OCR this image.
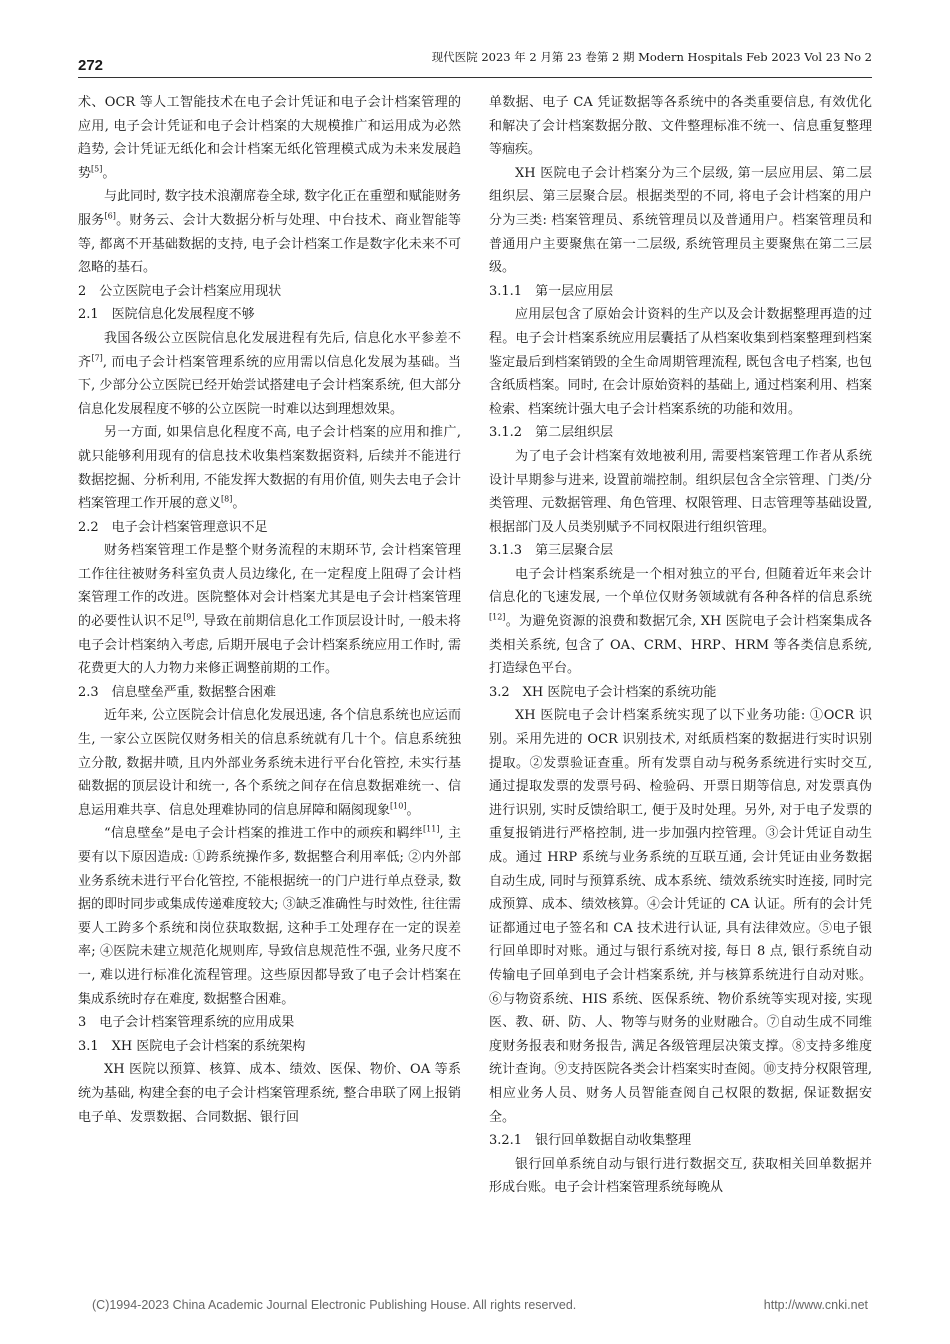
272	现代医院 2023 年 2 月第 23 卷第 2 期 Modern Hospitals Feb 2023 Vol 23 No 2

术、OCR 等人工智能技术在电子会计凭证和电子会计档案管理的应用, 电子会计凭证和电子会计档案的大规模推广和运用成为必然趋势, 会计凭证无纸化和会计档案无纸化管理模式成为未来发展趋势[5]。

与此同时, 数字技术浪潮席卷全球, 数字化正在重塑和赋能财务服务[6]。财务云、会计大数据分析与处理、中台技术、商业智能等等, 都离不开基础数据的支持, 电子会计档案工作是数字化未来不可忽略的基石。

2　公立医院电子会计档案应用现状
2.1　医院信息化发展程度不够

我国各级公立医院信息化发展进程有先后, 信息化水平参差不齐[7], 而电子会计档案管理系统的应用需以信息化发展为基础。当下, 少部分公立医院已经开始尝试搭建电子会计档案系统, 但大部分信息化发展程度不够的公立医院一时难以达到理想效果。

另一方面, 如果信息化程度不高, 电子会计档案的应用和推广, 就只能够利用现有的信息技术收集档案数据资料, 后续并不能进行数据挖掘、分析利用, 不能发挥大数据的有用价值, 则失去电子会计档案管理工作开展的意义[8]。

2.2　电子会计档案管理意识不足

财务档案管理工作是整个财务流程的末期环节, 会计档案管理工作往往被财务科室负责人员边缘化, 在一定程度上阻碍了会计档案管理工作的改进。医院整体对会计档案尤其是电子会计档案管理的必要性认识不足[9], 导致在前期信息化工作顶层设计时, 一般未将电子会计档案纳入考虑, 后期开展电子会计档案系统应用工作时, 需花费更大的人力物力来修正调整前期的工作。

2.3　信息壁垒严重, 数据整合困难

近年来, 公立医院会计信息化发展迅速, 各个信息系统也应运而生, 一家公立医院仅财务相关的信息系统就有几十个。信息系统独立分散, 数据井喷, 且内外部业务系统未进行平台化管控, 未实行基础数据的顶层设计和统一, 各个系统之间存在信息数据难统一、信息运用难共享、信息处理难协同的信息屏障和隔阂现象[10]。

“信息壁垒”是电子会计档案的推进工作中的顽疾和羁绊[11], 主要有以下原因造成: ①跨系统操作多, 数据整合利用率低; ②内外部业务系统未进行平台化管控, 不能根据统一的门户进行单点登录, 数据的即时同步或集成传递难度较大; ③缺乏准确性与时效性, 往往需要人工跨多个系统和岗位获取数据, 这种手工处理存在一定的误差率; ④医院未建立规范化规则库, 导致信息规范性不强, 业务尺度不一, 难以进行标准化流程管理。这些原因都导致了电子会计档案在集成系统时存在难度, 数据整合困难。

3　电子会计档案管理系统的应用成果
3.1　XH 医院电子会计档案的系统架构

XH 医院以预算、核算、成本、绩效、医保、物价、OA 等系统为基础, 构建全套的电子会计档案管理系统, 整合串联了网上报销电子单、发票数据、合同数据、银行回

单数据、电子 CA 凭证数据等各系统中的各类重要信息, 有效优化和解决了会计档案数据分散、文件整理标准不统一、信息重复整理等痼疾。

XH 医院电子会计档案分为三个层级, 第一层应用层、第二层组织层、第三层聚合层。根据类型的不同, 将电子会计档案的用户分为三类: 档案管理员、系统管理员以及普通用户。档案管理员和普通用户主要聚焦在第一二层级, 系统管理员主要聚焦在第二三层级。

3.1.1　第一层应用层

应用层包含了原始会计资料的生产以及会计数据整理再造的过程。电子会计档案系统应用层囊括了从档案收集到档案整理到档案鉴定最后到档案销毁的全生命周期管理流程, 既包含电子档案, 也包含纸质档案。同时, 在会计原始资料的基础上, 通过档案利用、档案检索、档案统计强大电子会计档案系统的功能和效用。

3.1.2　第二层组织层

为了电子会计档案有效地被利用, 需要档案管理工作者从系统设计早期参与进来, 设置前端控制。组织层包含全宗管理、门类/分类管理、元数据管理、角色管理、权限管理、日志管理等基础设置, 根据部门及人员类别赋予不同权限进行组织管理。

3.1.3　第三层聚合层

电子会计档案系统是一个相对独立的平台, 但随着近年来会计信息化的飞速发展, 一个单位仅财务领域就有各种各样的信息系统[12]。为避免资源的浪费和数据冗余, XH 医院电子会计档案集成各类相关系统, 包含了 OA、CRM、HRP、HRM 等各类信息系统, 打造绿色平台。

3.2　XH 医院电子会计档案的系统功能

XH 医院电子会计档案系统实现了以下业务功能: ①OCR 识别。采用先进的 OCR 识别技术, 对纸质档案的数据进行实时识别提取。②发票验证查重。所有发票自动与税务系统进行实时交互, 通过提取发票的发票号码、检验码、开票日期等信息, 对发票真伪进行识别, 实时反馈给职工, 便于及时处理。另外, 对于电子发票的重复报销进行严格控制, 进一步加强内控管理。③会计凭证自动生成。通过 HRP 系统与业务系统的互联互通, 会计凭证由业务数据自动生成, 同时与预算系统、成本系统、绩效系统实时连接, 同时完成预算、成本、绩效核算。④会计凭证的 CA 认证。所有的会计凭证都通过电子签名和 CA 技术进行认证, 具有法律效应。⑤电子银行回单即时对账。通过与银行系统对接, 每日 8 点, 银行系统自动传输电子回单到电子会计档案系统, 并与核算系统进行自动对账。⑥与物资系统、HIS 系统、医保系统、物价系统等实现对接, 实现医、教、研、防、人、物等与财务的业财融合。⑦自动生成不同维度财务报表和财务报告, 满足各级管理层决策支撑。⑧支持多维度统计查询。⑨支持医院各类会计档案实时查阅。⑩支持分权限管理, 相应业务人员、财务人员智能查阅自己权限的数据, 保证数据安全。

3.2.1　银行回单数据自动收集整理

银行回单系统自动与银行进行数据交互, 获取相关回单数据并形成台账。电子会计档案管理系统每晚从

(C)1994-2023 China Academic Journal Electronic Publishing House. All rights reserved.	http://www.cnki.net
